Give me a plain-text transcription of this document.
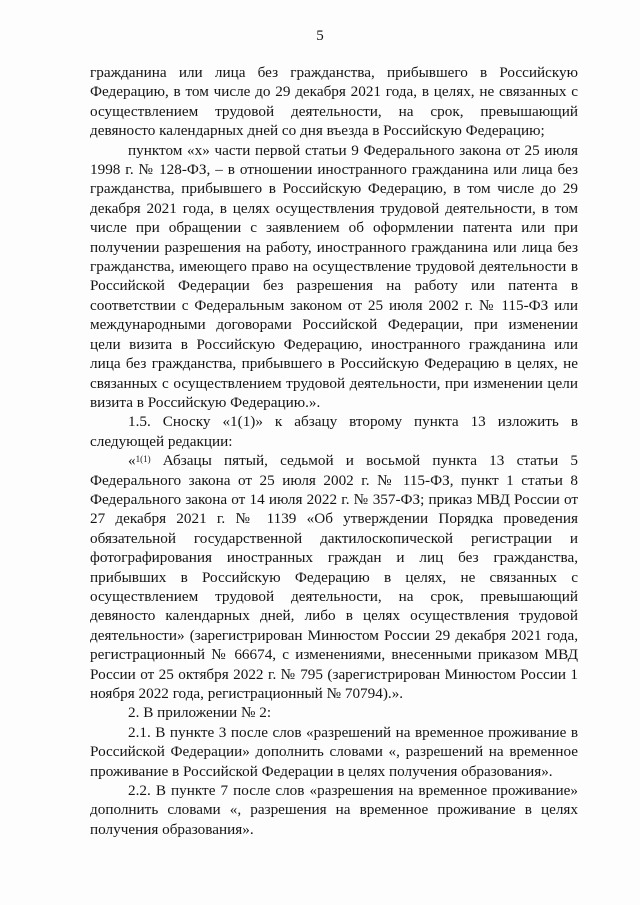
5

гражданина или лица без гражданства, прибывшего в Российскую Федерацию, в том числе до 29 декабря 2021 года, в целях, не связанных с осуществлением трудовой деятельности, на срок, превышающий девяносто календарных дней со дня въезда в Российскую Федерацию;

пунктом «х» части первой статьи 9 Федерального закона от 25 июля 1998 г. № 128-ФЗ, – в отношении иностранного гражданина или лица без гражданства, прибывшего в Российскую Федерацию, в том числе до 29 декабря 2021 года, в целях осуществления трудовой деятельности, в том числе при обращении с заявлением об оформлении патента или при получении разрешения на работу, иностранного гражданина или лица без гражданства, имеющего право на осуществление трудовой деятельности в Российской Федерации без разрешения на работу или патента в соответствии с Федеральным законом от 25 июля 2002 г. № 115-ФЗ или международными договорами Российской Федерации, при изменении цели визита в Российскую Федерацию, иностранного гражданина или лица без гражданства, прибывшего в Российскую Федерацию в целях, не связанных с осуществлением трудовой деятельности, при изменении цели визита в Российскую Федерацию.».

1.5. Сноску «1(1)» к абзацу второму пункта 13 изложить в следующей редакции:

«$^{1(1)}$ Абзацы пятый, седьмой и восьмой пункта 13 статьи 5 Федерального закона от 25 июля 2002 г. № 115-ФЗ, пункт 1 статьи 8 Федерального закона от 14 июля 2022 г. № 357-ФЗ; приказ МВД России от 27 декабря 2021 г. № 1139 «Об утверждении Порядка проведения обязательной государственной дактилоскопической регистрации и фотографирования иностранных граждан и лиц без гражданства, прибывших в Российскую Федерацию в целях, не связанных с осуществлением трудовой деятельности, на срок, превышающий девяносто календарных дней, либо в целях осуществления трудовой деятельности» (зарегистрирован Минюстом России 29 декабря 2021 года, регистрационный № 66674, с изменениями, внесенными приказом МВД России от 25 октября 2022 г. № 795 (зарегистрирован Минюстом России 1 ноября 2022 года, регистрационный № 70794).».

2. В приложении № 2:

2.1. В пункте 3 после слов «разрешений на временное проживание в Российской Федерации» дополнить словами «, разрешений на временное проживание в Российской Федерации в целях получения образования».

2.2. В пункте 7 после слов «разрешения на временное проживание» дополнить словами «, разрешения на временное проживание в целях получения образования».
